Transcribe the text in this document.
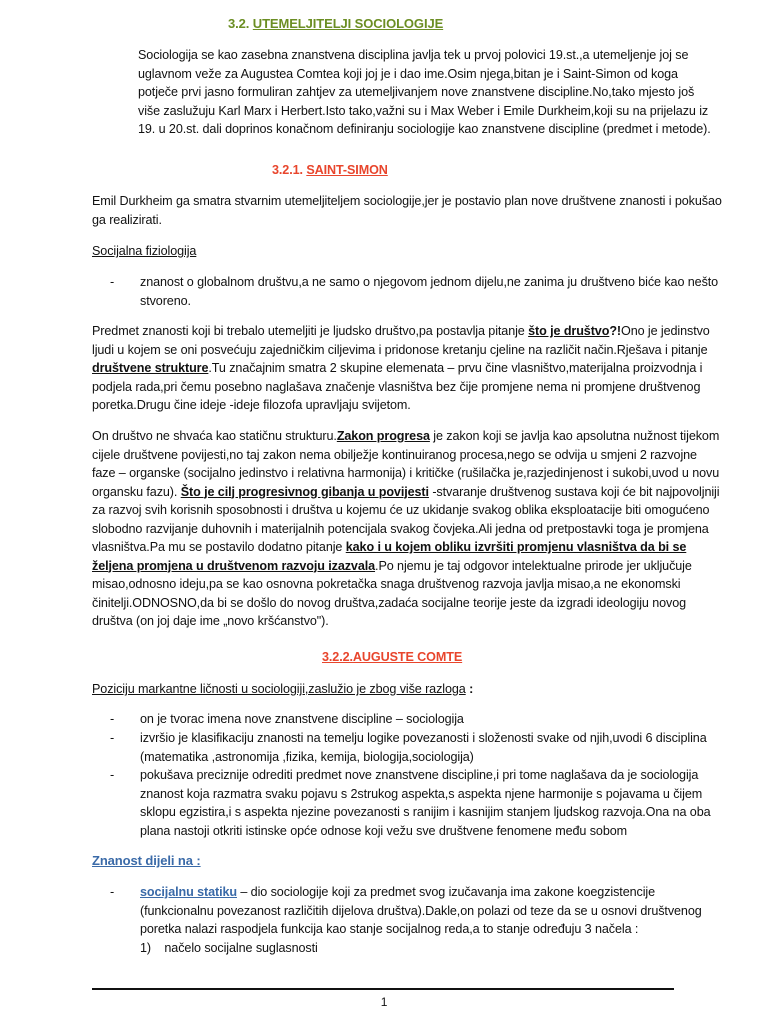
3.2. UTEMELJITELJI SOCIOLOGIJE
Sociologija se kao zasebna znanstvena disciplina javlja tek u prvoj polovici 19.st.,a utemeljenje joj se uglavnom veže za Augustea Comtea koji joj je i dao ime.Osim njega,bitan je i Saint-Simon od koga potječe prvi jasno formuliran zahtjev za utemeljivanjem nove znanstvene discipline.No,tako mjesto još više zaslužuju Karl Marx i Herbert.Isto tako,važni su i Max Weber i Emile Durkheim,koji su na prijelazu iz 19. u 20.st. dali doprinos konačnom definiranju sociologije kao znanstvene discipline (predmet i metode).
3.2.1. SAINT-SIMON
Emil Durkheim ga smatra stvarnim utemeljiteljem sociologije,jer je postavio plan nove društvene znanosti i pokušao ga realizirati.
Socijalna fiziologija
- znanost o globalnom društvu,a ne samo o njegovom jednom dijelu,ne zanima ju društveno biće kao nešto stvoreno.
Predmet znanosti koji bi trebalo utemeljiti je ljudsko društvo,pa postavlja pitanje što je društvo?!Ono je jedinstvo ljudi u kojem se oni posvećuju zajedničkim ciljevima i pridonose kretanju cjeline na različit način.Rješava i pitanje društvene strukture.Tu značajnim smatra 2 skupine elemenata – prvu čine vlasništvo,materijalna proizvodnja i podjela rada,pri čemu posebno naglašava značenje vlasništva bez čije promjene nema ni promjene društvenog poretka.Drugu čine ideje -ideje filozofa upravljaju svijetom.
On društvo ne shvaća kao statičnu strukturu.Zakon progresa je zakon koji se javlja kao apsolutna nužnost tijekom cijele društvene povijesti,no taj zakon nema obilježje kontinuiranog procesa,nego se odvija u smjeni 2 razvojne faze – organske (socijalno jedinstvo i relativna harmonija) i kritičke (rušilačka je,razjedinjenost i sukobi,uvod u novu organsku fazu). Što je cilj progresivnog gibanja u povijesti -stvaranje društvenog sustava koji će bit najpovoljniji za razvoj svih korisnih sposobnosti i društva u kojemu će uz ukidanje svakog oblika eksploatacije biti omogućeno slobodno razvijanje duhovnih i materijalnih potencijala svakog čovjeka.Ali jedna od pretpostavki toga je promjena vlasništva.Pa mu se postavilo dodatno pitanje kako i u kojem obliku izvršiti promjenu vlasništva da bi se željena promjena u društvenom razvoju izazvala.Po njemu je taj odgovor intelektualne prirode jer uključuje misao,odnosno ideju,pa se kao osnovna pokretačka snaga društvenog razvoja javlja misao,a ne ekonomski činitelji.ODNOSNO,da bi se došlo do novog društva,zadaća socijalne teorije jeste da izgradi ideologiju novog društva (on joj daje ime „novo kršćanstvo").
3.2.2.AUGUSTE COMTE
Poziciju markantne ličnosti u sociologiji,zaslužio je zbog više razloga :
- on je tvorac imena nove znanstvene discipline – sociologija
- izvršio je klasifikaciju znanosti na temelju logike povezanosti i složenosti svake od njih,uvodi 6 disciplina (matematika ,astronomija ,fizika, kemija, biologija,sociologija)
- pokušava preciznije odrediti predmet nove znanstvene discipline,i pri tome naglašava da je sociologija znanost koja razmatra svaku pojavu s 2strukog aspekta,s aspekta njene harmonije s pojavama u čijem sklopu egzistira,i s aspekta njezine povezanosti s ranijim i kasnijim stanjem ljudskog razvoja.Ona na oba plana nastoji otkriti istinske opće odnose koji vežu sve društvene fenomene među sobom
Znanost dijeli na :
- socijalnu statiku – dio sociologije koji za predmet svog izučavanja ima zakone koegzistencije (funkcionalnu povezanost različitih dijelova društva).Dakle,on polazi od teze da se u osnovi društvenog poretka nalazi raspodjela funkcija kao stanje socijalnog reda,a to stanje određuju 3 načela :
1) načelo socijalne suglasnosti
1
